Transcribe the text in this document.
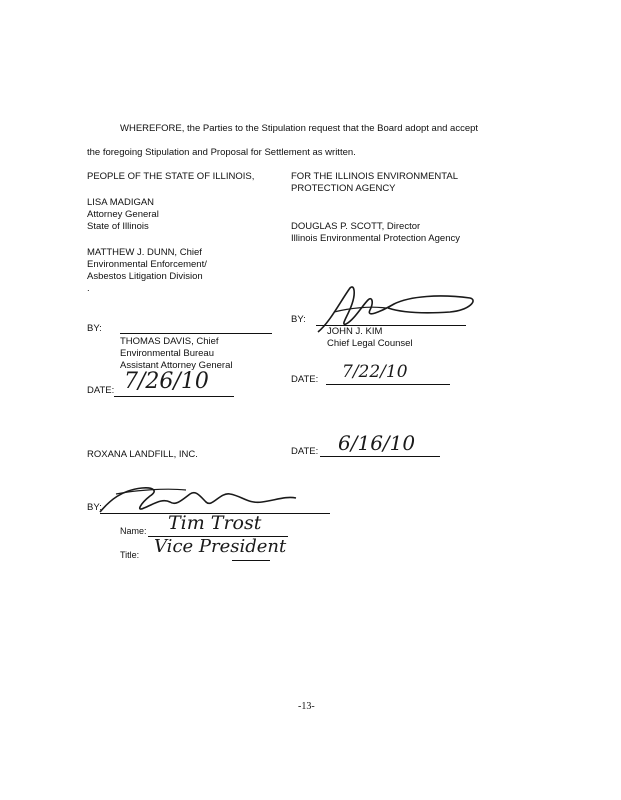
WHEREFORE, the Parties to the Stipulation request that the Board adopt and accept
the foregoing Stipulation and Proposal for Settlement as written.
PEOPLE OF THE STATE OF ILLINOIS,
LISA MADIGAN
Attorney General
State of Illinois
MATTHEW J. DUNN, Chief
Environmental Enforcement/
Asbestos Litigation Division
.
BY:
THOMAS DAVIS, Chief
Environmental Bureau
Assistant Attorney General
DATE: 7/26/10
FOR THE ILLINOIS ENVIRONMENTAL
PROTECTION AGENCY
DOUGLAS P. SCOTT, Director
Illinois Environmental Protection Agency
BY:
JOHN J. KIM
Chief Legal Counsel
DATE: 7/22/10
ROXANA LANDFILL, INC.	DATE: 6/16/10
BY:
Name: Tim Trost
Title: Vice President
-13-
